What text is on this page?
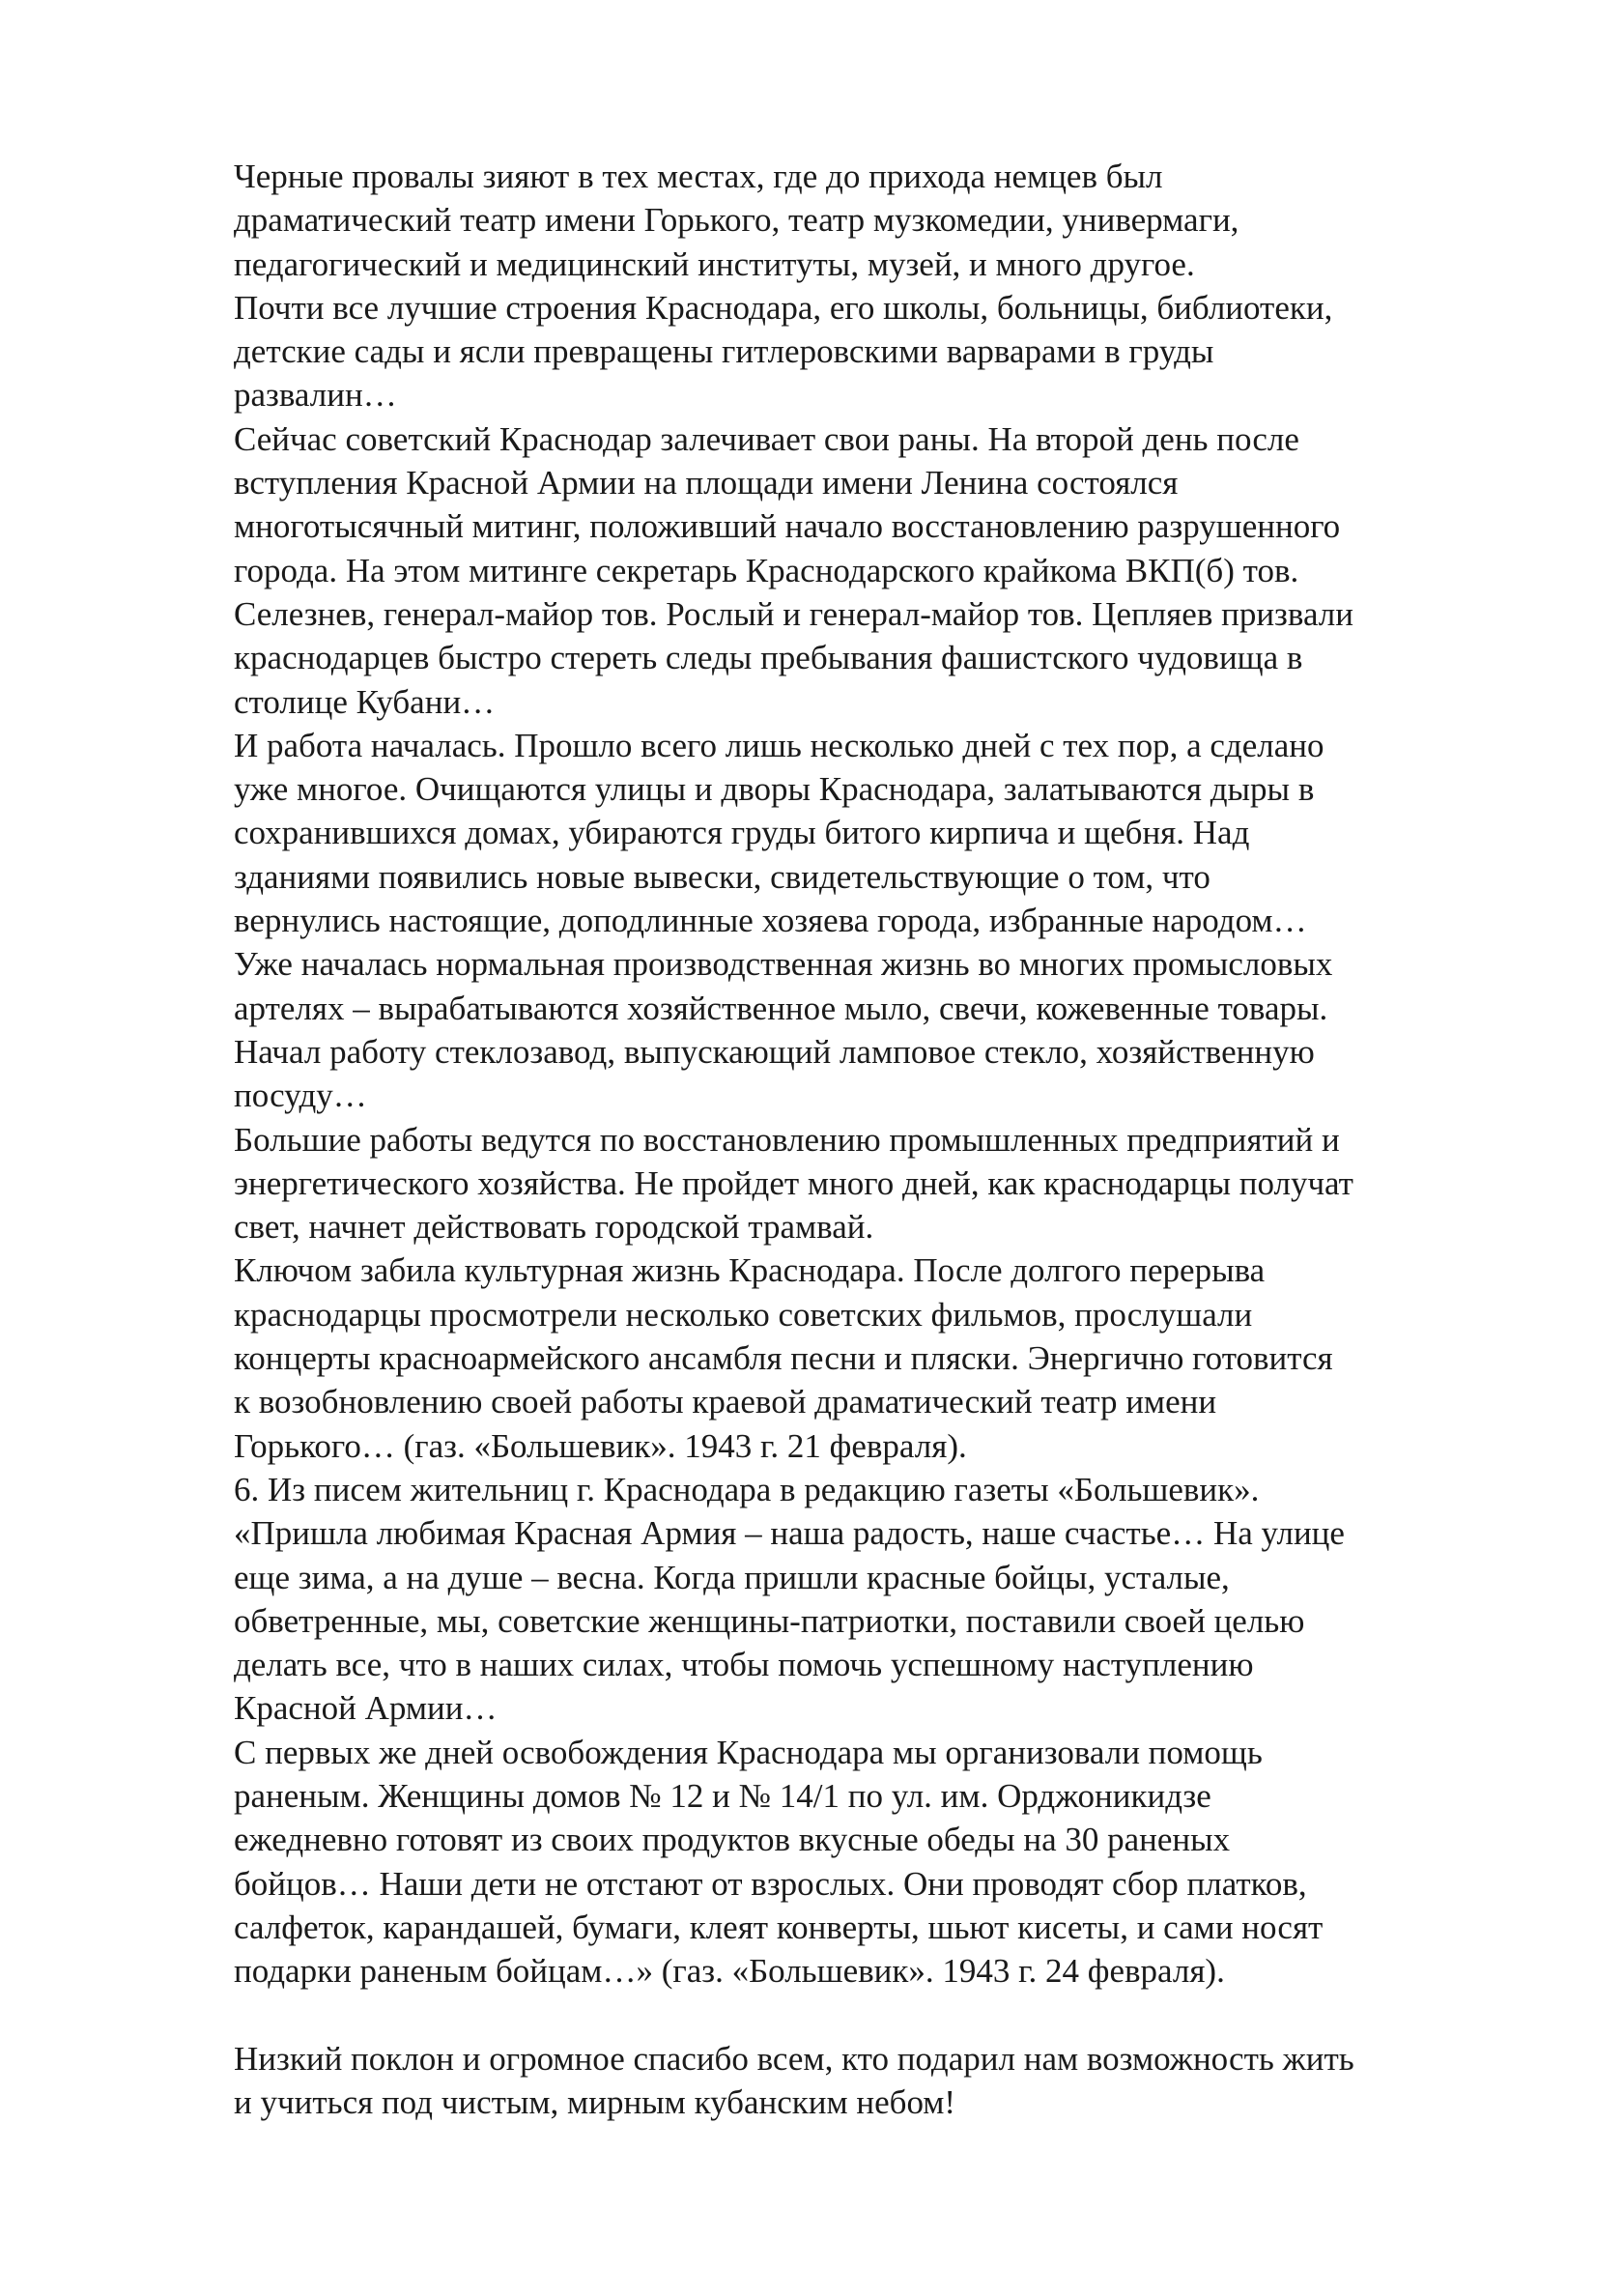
Черные провалы зияют в тех местах, где до прихода немцев был
драматический театр имени Горького, театр музкомедии, универмаги,
педагогический и медицинский институты, музей, и много другое.
Почти все лучшие строения Краснодара, его школы, больницы, библиотеки,
детские сады и ясли превращены гитлеровскими варварами в груды
развалин…
Сейчас советский Краснодар залечивает свои раны. На второй день после
вступления Красной Армии на площади имени Ленина состоялся
многотысячный митинг, положивший начало восстановлению разрушенного
города. На этом митинге секретарь Краснодарского крайкома ВКП(б) тов.
Селезнев, генерал-майор тов. Рослый и генерал-майор тов. Цепляев призвали
краснодарцев быстро стереть следы пребывания фашистского чудовища в
столице Кубани…
И работа началась. Прошло всего лишь несколько дней с тех пор, а сделано
уже многое. Очищаются улицы и дворы Краснодара, залатываются дыры в
сохранившихся домах, убираются груды битого кирпича и щебня. Над
зданиями появились новые вывески, свидетельствующие о том, что
вернулись настоящие, доподлинные хозяева города, избранные народом…
Уже началась нормальная производственная жизнь во многих промысловых
артелях – вырабатываются хозяйственное мыло, свечи, кожевенные товары.
Начал работу стеклозавод, выпускающий ламповое стекло, хозяйственную
посуду…
Большие работы ведутся по восстановлению промышленных предприятий и
энергетического хозяйства. Не пройдет много дней, как краснодарцы получат
свет, начнет действовать городской трамвай.
Ключом забила культурная жизнь Краснодара. После долгого перерыва
краснодарцы просмотрели несколько советских фильмов, прослушали
концерты красноармейского ансамбля песни и пляски. Энергично готовится
к возобновлению своей работы краевой драматический театр имени
Горького… (газ. «Большевик». 1943 г. 21 февраля).
6. Из писем жительниц г. Краснодара в редакцию газеты «Большевик».
«Пришла любимая Красная Армия – наша радость, наше счастье… На улице
еще зима, а на душе – весна. Когда пришли красные бойцы, усталые,
обветренные, мы, советские женщины-патриотки, поставили своей целью
делать все, что в наших силах, чтобы помочь успешному наступлению
Красной Армии…
С первых же дней освобождения Краснодара мы организовали помощь
раненым. Женщины домов № 12 и № 14/1 по ул. им. Орджоникидзе
ежедневно готовят из своих продуктов вкусные обеды на 30 раненых
бойцов… Наши дети не отстают от взрослых. Они проводят сбор платков,
салфеток, карандашей, бумаги, клеят конверты, шьют кисеты, и сами носят
подарки раненым бойцам…» (газ. «Большевик». 1943 г. 24 февраля).
Низкий поклон и огромное спасибо всем, кто подарил нам возможность жить
и учиться под чистым, мирным кубанским небом!
